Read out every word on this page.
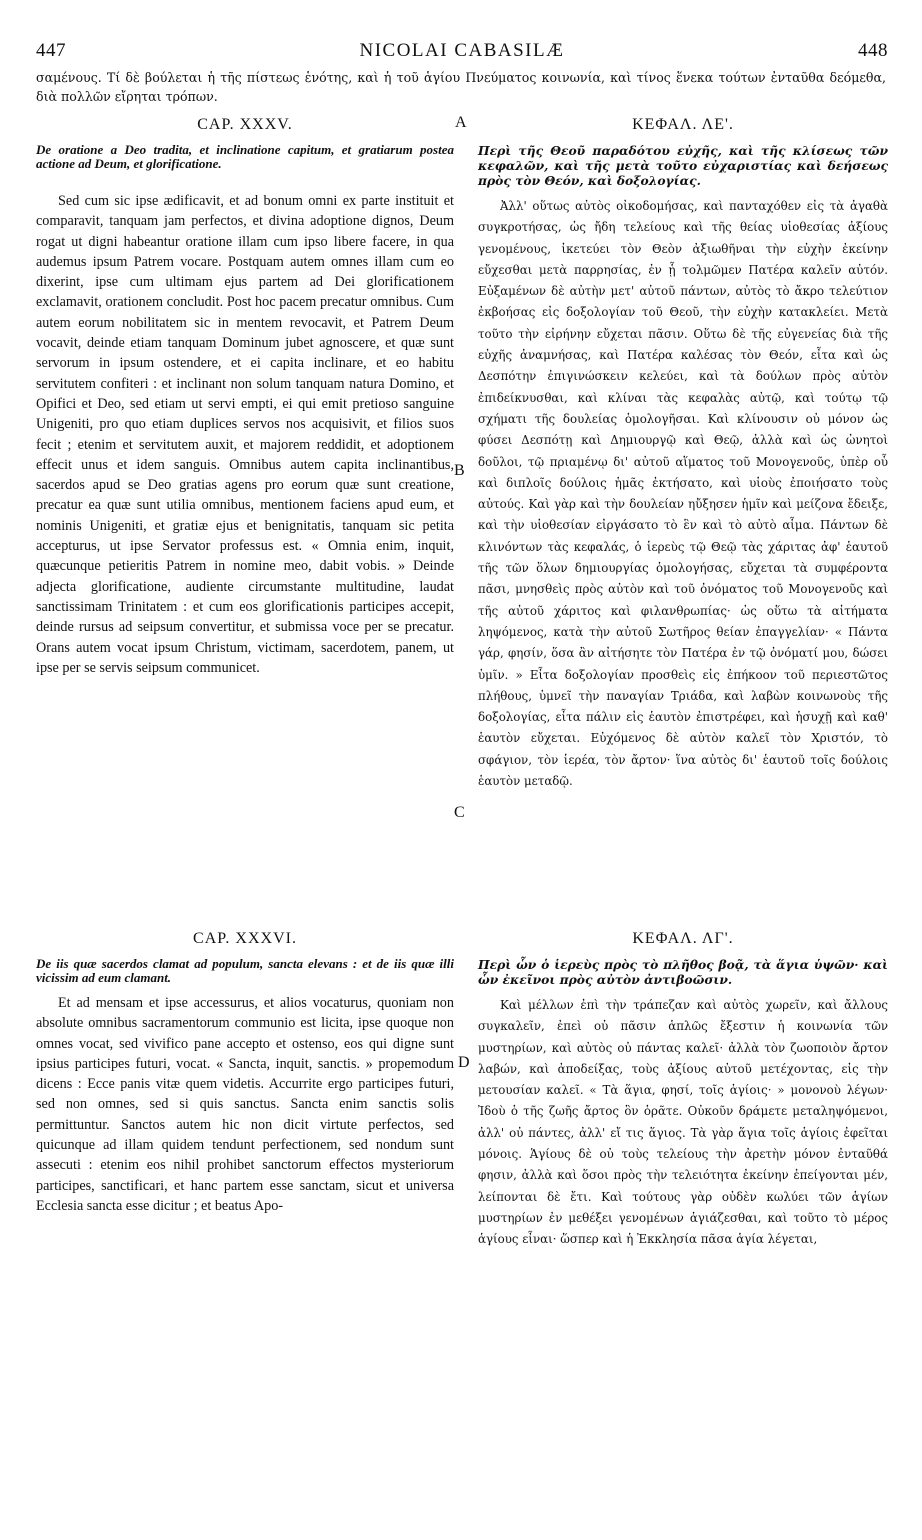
447	NICOLAI CABASILÆ	448
σαμένους. Τί δὲ βούλεται ἡ τῆς πίστεως ἑνότης, καὶ ἡ τοῦ ἁγίου Πνεύματος κοινωνία, καὶ τίνος ἕνεκα τούτων ἐνταῦθα δεόμεθα, διὰ πολλῶν εἴρηται τρόπων.
A
B
C
D
CAP. XXXV.

De oratione a Deo tradita, et inclinatione capitum, et gratiarum postea actione ad Deum, et glorificatione.

Sed cum sic ipse ædificavit, et ad bonum omni ex parte instituit et comparavit, tanquam jam perfectos, et divina adoptione dignos, Deum rogat ut digni habeantur oratione illam cum ipso libere facere, in qua audemus ipsum Patrem vocare. Postquam autem omnes illam cum eo dixerint, ipse cum ultimam ejus partem ad Dei glorificationem exclamavit, orationem concludit. Post hoc pacem precatur omnibus. Cum autem eorum nobilitatem sic in mentem revocavit, et Patrem Deum vocavit, deinde etiam tanquam Dominum jubet agnoscere, et quæ sunt servorum in ipsum ostendere, et ei capita inclinare, et eo habitu servitutem confiteri : et inclinant non solum tanquam natura Domino, et Opifici et Deo, sed etiam ut servi empti, ei qui emit pretioso sanguine Unigeniti, pro quo etiam duplices servos nos acquisivit, et filios suos fecit ; etenim et servitutem auxit, et majorem reddidit, et adoptionem effecit unus et idem sanguis. Omnibus autem capita inclinantibus, sacerdos apud se Deo gratias agens pro eorum quæ sunt creatione, precatur ea quæ sunt utilia omnibus, mentionem faciens apud eum, et nominis Unigeniti, et gratiæ ejus et benignitatis, tanquam sic petita accepturus, ut ipse Servator professus est. « Omnia enim, inquit, quæcunque petieritis Patrem in nomine meo, dabit vobis. » Deinde adjecta glorificatione, audiente circumstante multitudine, laudat sanctissimam Trinitatem : et cum eos glorificationis participes accepit, deinde rursus ad seipsum convertitur, et submissa voce per se precatur. Orans autem vocat ipsum Christum, victimam, sacerdotem, panem, ut ipse per se servis seipsum communicet.

CAP. XXXVI.

De iis quæ sacerdos clamat ad populum, sancta elevans : et de iis quæ illi vicissim ad eum clamant.

Et ad mensam et ipse accessurus, et alios vocaturus, quoniam non absolute omnibus sacramentorum communio est licita, ipse quoque non omnes vocat, sed vivifico pane accepto et ostenso, eos qui digne sunt ipsius participes futuri, vocat. « Sancta, inquit, sanctis. » propemodum dicens : Ecce panis vitæ quem videtis. Accurrite ergo participes futuri, sed non omnes, sed si quis sanctus. Sancta enim sanctis solis permittuntur. Sanctos autem hic non dicit virtute perfectos, sed quicunque ad illam quidem tendunt perfectionem, sed nondum sunt assecuti : etenim eos nihil prohibet sanctorum effectos mysteriorum participes, sanctificari, et hanc partem esse sanctam, sicut et universa Ecclesia sancta esse dicitur ; et beatus Apo-

ΚΕΦΑΛ. ΛΕ'.

Περὶ τῆς Θεοῦ παραδότου εὐχῆς, καὶ τῆς κλίσεως τῶν κεφαλῶν, καὶ τῆς μετὰ τοῦτο εὐχαριστίας καὶ δεήσεως πρὸς τὸν Θεόν, καὶ δοξολογίας.

Ἀλλ' οὕτως αὐτὸς οἰκοδομήσας, καὶ πανταχόθεν εἰς τὰ ἀγαθὰ συγκροτήσας, ὡς ἤδη τελείους καὶ τῆς θείας υἱοθεσίας ἀξίους γενομένους, ἱκετεύει τὸν Θεὸν ἀξιωθῆναι τὴν εὐχὴν ἐκείνην εὔχεσθαι μετὰ παρρησίας, ἐν ᾗ τολμῶμεν Πατέρα καλεῖν αὐτόν. Εὐξαμένων δὲ αὐτὴν μετ' αὐτοῦ πάντων, αὐτὸς τὸ ἄκρο τελεύτιον ἐκβοήσας εἰς δοξολογίαν τοῦ Θεοῦ, τὴν εὐχὴν κατακλείει. Μετὰ τοῦτο τὴν εἰρήνην εὔχεται πᾶσιν. Οὕτω δὲ τῆς εὐγενείας διὰ τῆς εὐχῆς ἀναμνήσας, καὶ Πατέρα καλέσας τὸν Θεόν, εἶτα καὶ ὡς Δεσπότην ἐπιγινώσκειν κελεύει, καὶ τὰ δούλων πρὸς αὐτὸν ἐπιδείκνυσθαι, καὶ κλίναι τὰς κεφαλὰς αὐτῷ, καὶ τούτῳ τῷ σχήματι τῆς δουλείας ὁμολογῆσαι. Καὶ κλίνουσιν οὐ μόνον ὡς φύσει Δεσπότῃ καὶ Δημιουργῷ καὶ Θεῷ, ἀλλὰ καὶ ὡς ὠνητοὶ δοῦλοι, τῷ πριαμένῳ δι' αὐτοῦ αἵματος τοῦ Μονογενοῦς, ὑπὲρ οὗ καὶ διπλοῖς δούλοις ἡμᾶς ἐκτήσατο, καὶ υἱοὺς ἐποιήσατο τοὺς αὐτούς. Καὶ γὰρ καὶ τὴν δουλείαν ηὔξησεν ἡμῖν καὶ μείζονα ἔδειξε, καὶ τὴν υἱοθεσίαν εἰργάσατο τὸ ἓν καὶ τὸ αὐτὸ αἷμα. Πάντων δὲ κλινόντων τὰς κεφαλάς, ὁ ἱερεὺς τῷ Θεῷ τὰς χάριτας ἀφ' ἑαυτοῦ τῆς τῶν ὅλων δημιουργίας ὁμολογήσας, εὔχεται τὰ συμφέροντα πᾶσι, μνησθεὶς πρὸς αὐτὸν καὶ τοῦ ὀνόματος τοῦ Μονογενοῦς καὶ τῆς αὐτοῦ χάριτος καὶ φιλανθρωπίας· ὡς οὕτω τὰ αἰτήματα ληψόμενος, κατὰ τὴν αὐτοῦ Σωτῆρος θείαν ἐπαγγελίαν· « Πάντα γάρ, φησίν, ὅσα ἂν αἰτήσητε τὸν Πατέρα ἐν τῷ ὀνόματί μου, δώσει ὑμῖν. » Εἶτα δοξολογίαν προσθεὶς εἰς ἐπήκοον τοῦ περιεστῶτος πλήθους, ὑμνεῖ τὴν παναγίαν Τριάδα, καὶ λαβὼν κοινωνοὺς τῆς δοξολογίας, εἶτα πάλιν εἰς ἑαυτὸν ἐπιστρέφει, καὶ ἡσυχῇ καὶ καθ' ἑαυτὸν εὔχεται. Εὐχόμενος δὲ αὐτὸν καλεῖ τὸν Χριστόν, τὸ σφάγιον, τὸν ἱερέα, τὸν ἄρτον· ἵνα αὐτὸς δι' ἑαυτοῦ τοῖς δούλοις ἑαυτὸν μεταδῷ.

ΚΕΦΑΛ. ΛΓ'.

Περὶ ὧν ὁ ἱερεὺς πρὸς τὸ πλῆθος βοᾷ, τὰ ἅγια ὑψῶν· καὶ ὧν ἐκεῖνοι πρὸς αὐτὸν ἀντιβοῶσιν.

Καὶ μέλλων ἐπὶ τὴν τράπεζαν καὶ αὐτὸς χωρεῖν, καὶ ἄλλους συγκαλεῖν, ἐπεὶ οὐ πᾶσιν ἁπλῶς ἔξεστιν ἡ κοινωνία τῶν μυστηρίων, καὶ αὐτὸς οὐ πάντας καλεῖ· ἀλλὰ τὸν ζωοποιὸν ἄρτον λαβών, καὶ ἀποδείξας, τοὺς ἀξίους αὐτοῦ μετέχοντας, εἰς τὴν μετουσίαν καλεῖ. « Τὰ ἅγια, φησί, τοῖς ἁγίοις· » μονονοὺ λέγων· Ἰδοὺ ὁ τῆς ζωῆς ἄρτος ὃν ὁρᾶτε. Οὐκοῦν δράμετε μεταληψόμενοι, ἀλλ' οὐ πάντες, ἀλλ' εἴ τις ἅγιος. Τὰ γὰρ ἅγια τοῖς ἁγίοις ἐφεῖται μόνοις. Ἁγίους δὲ οὐ τοὺς τελείους τὴν ἀρετὴν μόνον ἐνταῦθά φησιν, ἀλλὰ καὶ ὅσοι πρὸς τὴν τελειότητα ἐκείνην ἐπείγονται μέν, λείπονται δὲ ἔτι. Καὶ τούτους γὰρ οὐδὲν κωλύει τῶν ἁγίων μυστηρίων ἐν μεθέξει γενομένων ἁγιάζεσθαι, καὶ τοῦτο τὸ μέρος ἁγίους εἶναι· ὥσπερ καὶ ἡ Ἐκκλησία πᾶσα ἁγία λέγεται,
